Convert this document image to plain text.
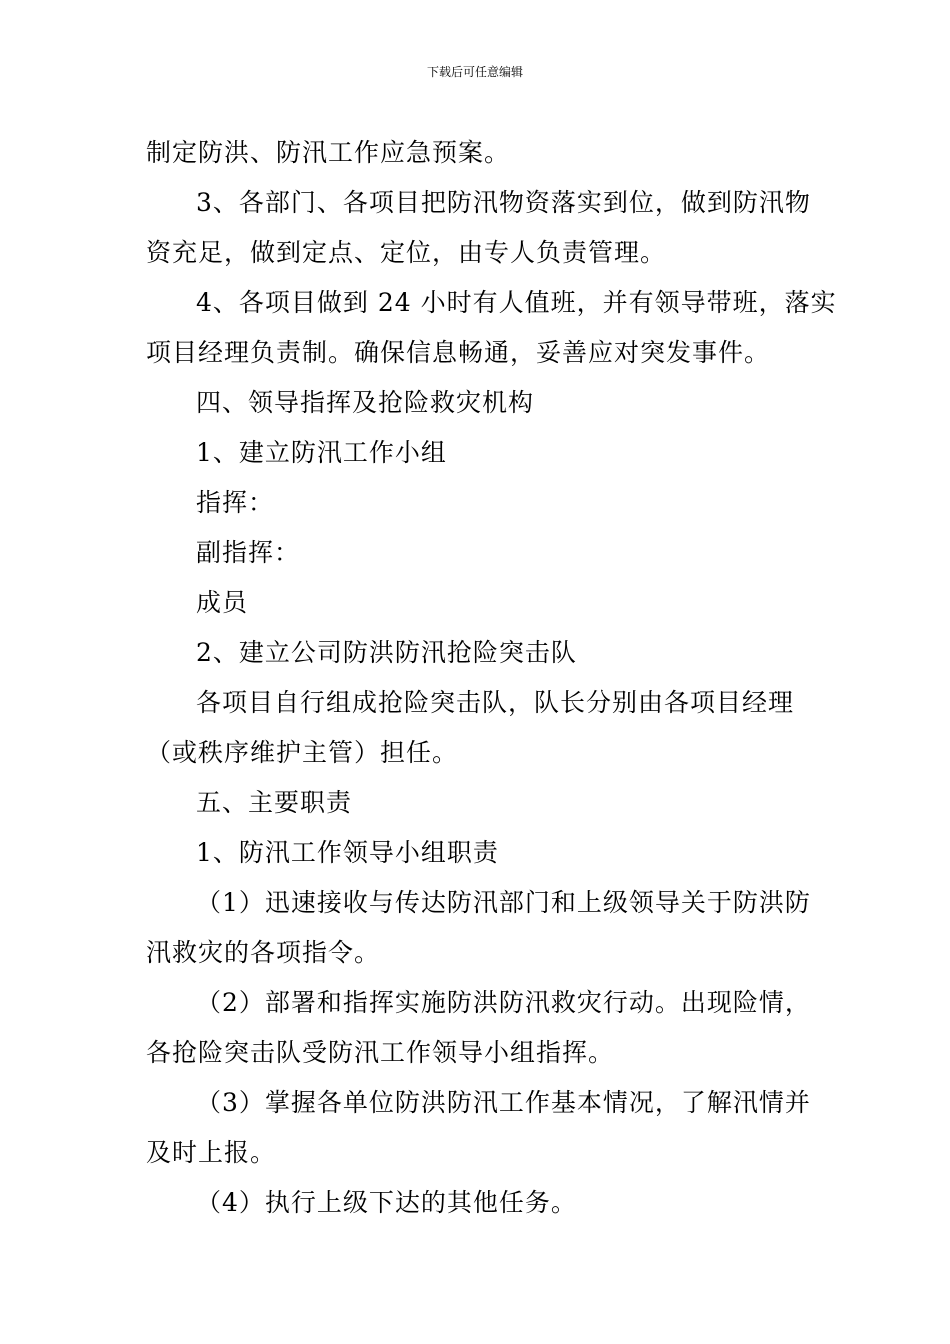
下载后可任意编辑
制定防洪、防汛工作应急预案。
3、各部门、各项目把防汛物资落实到位，做到防汛物
资充足，做到定点、定位，由专人负责管理。
4、各项目做到 24 小时有人值班，并有领导带班，落实
项目经理负责制。确保信息畅通，妥善应对突发事件。
四、领导指挥及抢险救灾机构
1、建立防汛工作小组
指挥：
副指挥：
成员
2、建立公司防洪防汛抢险突击队
各项目自行组成抢险突击队，队长分别由各项目经理
（或秩序维护主管）担任。
五、主要职责
1、防汛工作领导小组职责
（1）迅速接收与传达防汛部门和上级领导关于防洪防
汛救灾的各项指令。
（2）部署和指挥实施防洪防汛救灾行动。出现险情，
各抢险突击队受防汛工作领导小组指挥。
（3）掌握各单位防洪防汛工作基本情况，了解汛情并
及时上报。
（4）执行上级下达的其他任务。
